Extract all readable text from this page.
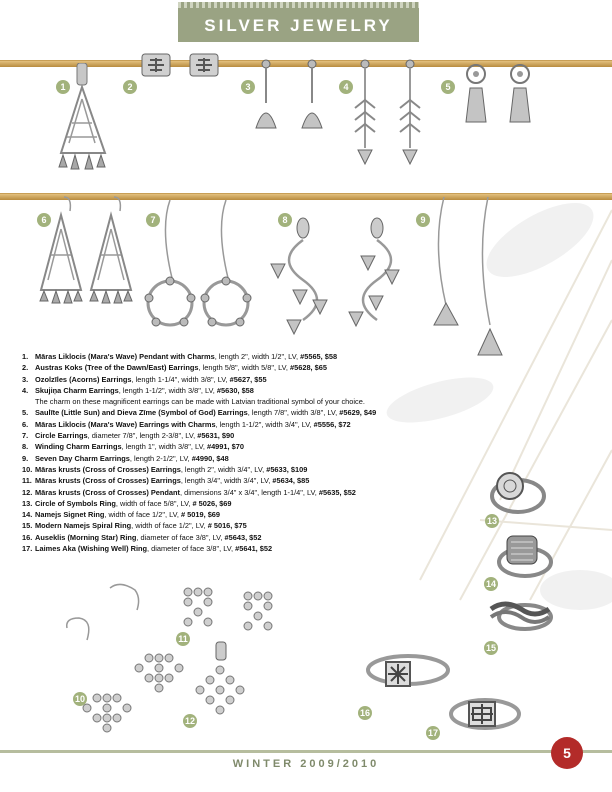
SILVER JEWELRY
1	2	3	4	5
6	7	8	9
10
11
12
13
14
15
16
17
1. Māras Liklocis (Mara's Wave) Pendant with Charms, length 2", width 1/2", LV, #5565, $58
2. Austras Koks (Tree of the Dawn/East) Earrings, length 5/8", width 5/8", LV, #5628, $65
3. Ozolzīles (Acorns) Earrings, length 1-1/4", width 3/8", LV, #5627, $55
4. Skujiņa Charm Earrings, length 1-1/2", width 3/8", LV, #5630, $58
The charm on these magnificent earrings can be made with Latvian traditional symbol of your choice.
5. Saulīte (Little Sun) and Dieva Zīme (Symbol of God) Earrings, length 7/8", width 3/8", LV, #5629, $49
6. Māras Liklocis (Mara's Wave) Earrings with Charms, length 1-1/2", width 3/4", LV, #5556, $72
7. Circle Earrings, diameter 7/8", length 2-3/8", LV, #5631, $90
8. Winding Charm Earrings, length 1", width 3/8", LV, #4991, $70
9. Seven Day Charm Earrings, length 2-1/2", LV, #4990, $48
10. Māras krusts (Cross of Crosses) Earrings, length 2", width 3/4", LV, #5633, $109
11. Māras krusts (Cross of Crosses) Earrings, length 3/4", width 3/4", LV, #5634, $85
12. Māras krusts (Cross of Crosses) Pendant, dimensions 3/4" x 3/4", length 1-1/4", LV, #5635, $52
13. Circle of Symbols Ring, width of face 5/8", LV, # 5026, $69
14. Namejs Signet Ring, width of face 1/2", LV, # 5019, $69
15. Modern Namejs Spiral Ring, width of face 1/2", LV, # 5016, $75
16. Auseklis (Morning Star) Ring, diameter of face 3/8", LV, #5643, $52
17. Laimes Aka (Wishing Well) Ring, diameter of face 3/8", LV, #5641, $52
WINTER 2009/2010
5
